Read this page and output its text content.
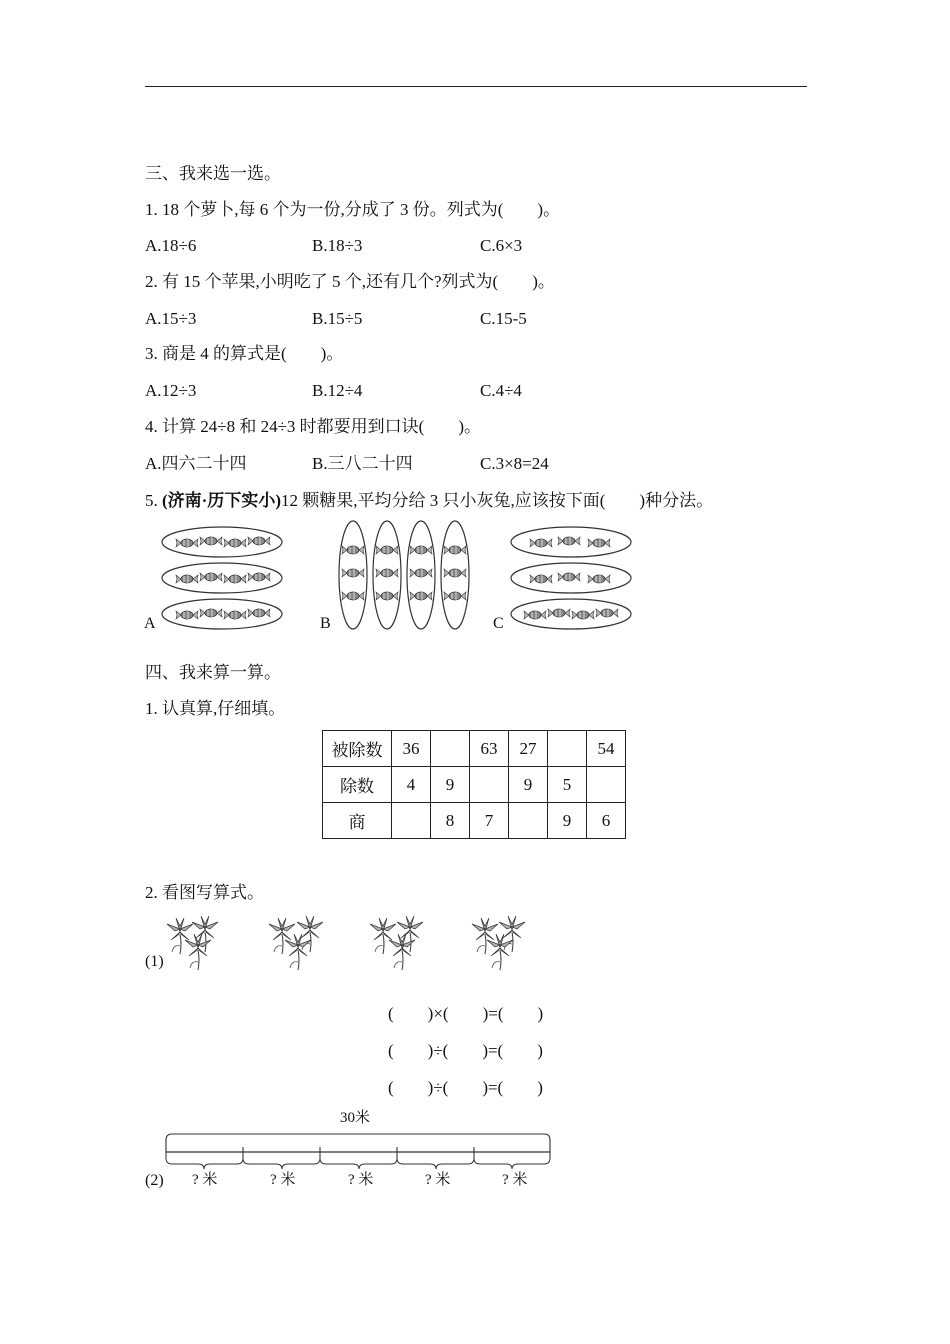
三、我来选一选。
1. 18 个萝卜,每 6 个为一份,分成了 3 份。列式为(　　)。
A.18÷6	B.18÷3	C.6×3
2. 有 15 个苹果,小明吃了 5 个,还有几个?列式为(　　)。
A.15÷3	B.15÷5	C.15-5
3. 商是 4 的算式是(　　)。
A.12÷3	B.12÷4	C.4÷4
4. 计算 24÷8 和 24÷3 时都要用到口诀(　　)。
A.四六二十四	B.三八二十四	C.3×8=24
5. (济南·历下实小)12 颗糖果,平均分给 3 只小灰兔,应该按下面(　　)种分法。
A	B	C
四、我来算一算。
1. 认真算,仔细填。
被除数	36		63	27		54
除数	4	9		9	5	
商		8	7		9	6
2. 看图写算式。
(1)
(　　)×(　　)=(　　)
(　　)÷(　　)=(　　)
(　　)÷(　　)=(　　)
30米
(2) ? 米	? 米	? 米	? 米	? 米
